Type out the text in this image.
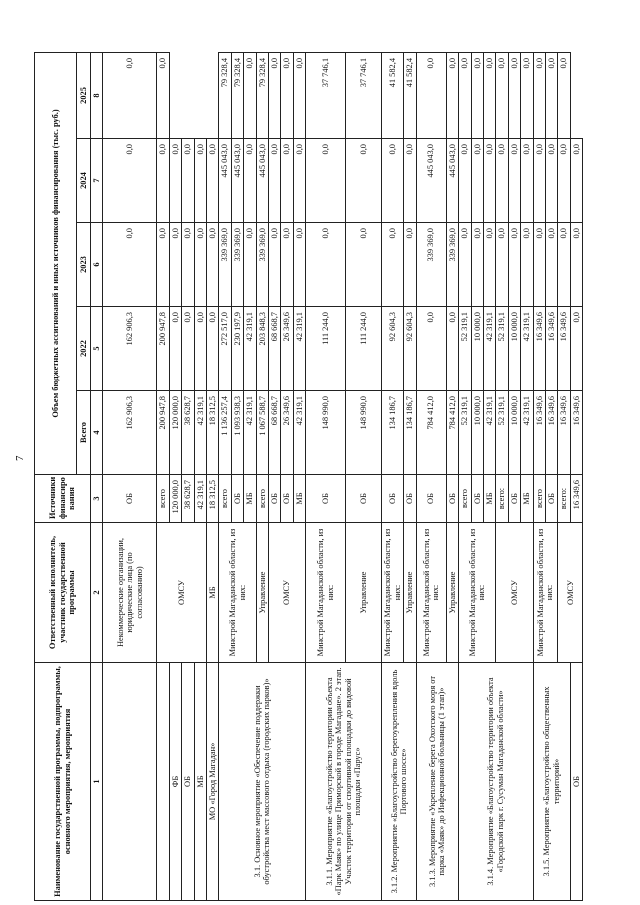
7
Наименование государственной программы, подпрограммы, основного мероприятия, мероприятия	Ответственный исполнитель, участник государственной программы	Источники финансиро вания	Объем бюджетных ассигнований и иных источников финансирования (тыс. руб.)				
			Всего	2022	2023	2024	2025
1	2	3	4	5	6	7	8
	Некоммерческие организации, юридические лица (по согласованию)	ОБ	162 906,3	162 906,3	0,0	0,0	0,0
	ОМСУ	всего	200 947,8	200 947,8	0,0	0,0	0,0
ФБ		120 000,0	120 000,0	0,0	0,0	0,0	
ОБ		38 628,7	38 628,7	0,0	0,0	0,0	
МБ		42 319,1	42 319,1	0,0	0,0	0,0	
МО «Город Магадан»	МБ	18 312,5	18 312,5	0,0	0,0	0,0	
3.1. Основное мероприятие «Обеспечение поддержки обустройства мест массового отдыха (городских парков)»	Минстрой Магаданской области, из них:	всего	1 136 257,4	272 517,0	339 369,0	445 043,0	79 328,4
		ОБ	1 093 938,3	230 197,9	339 369,0	445 043,0	79 328,4
		МБ	42 319,1	42 319,1	0,0	0,0	0,0
	Управление	всего	1 067 588,7	203 848,3	339 369,0	445 043,0	79 328,4
	ОМСУ	ОБ	68 668,7	68 668,7	0,0	0,0	0,0
		ОБ	26 349,6	26 349,6	0,0	0,0	0,0
		МБ	42 319,1	42 319,1	0,0	0,0	0,0
3.1.1. Мероприятие «Благоустройство территории объекта «Парк Маяк» по улице Приморской в городе Магадане». 2 этап. Участок территории от спортивной площадки до видовой площадки «Парус»	Минстрой Магаданской области, из них:	ОБ	148 990,0	111 244,0	0,0	0,0	37 746,1
	Управление	ОБ	148 990,0	111 244,0	0,0	0,0	37 746,1
3.1.2. Мероприятие «Благоустройство берегоукрепления вдоль Портового шоссе»	Минстрой Магаданской области, из них:	ОБ	134 186,7	92 604,3	0,0	0,0	41 582,4
	Управление	ОБ	134 186,7	92 604,3	0,0	0,0	41 582,4
3.1.3. Мероприятие «Укрепление берега Охотского моря от парка «Маяк» до Инфекционной больницы (1 этап)»	Минстрой Магаданской области, из них:	ОБ	784 412,0	0,0	339 369,0	445 043,0	0,0
	Управление	ОБ	784 412,0	0,0	339 369,0	445 043,0	0,0
3.1.4. Мероприятие «Благоустройство территории объекта «Городской парк г. Сусуман Магаданской области»	Минстрой Магаданской области, из них:	всего	52 319,1	52 319,1	0,0	0,0	0,0
		ОБ	10 000,0	10 000,0	0,0	0,0	0,0
		МБ	42 319,1	42 319,1	0,0	0,0	0,0
	ОМСУ	всего:	52 319,1	52 319,1	0,0	0,0	0,0
		ОБ	10 000,0	10 000,0	0,0	0,0	0,0
		МБ	42 319,1	42 319,1	0,0	0,0	0,0
3.1.5. Мероприятие «Благоустройство общественных территорий»	Минстрой Магаданской области, из них:	всего	16 349,6	16 349,6	0,0	0,0	0,0
		ОБ	16 349,6	16 349,6	0,0	0,0	0,0
	ОМСУ	всего:	16 349,6	16 349,6	0,0	0,0	0,0
ОБ		16 349,6	16 349,6	0,0	0,0	0,0	
